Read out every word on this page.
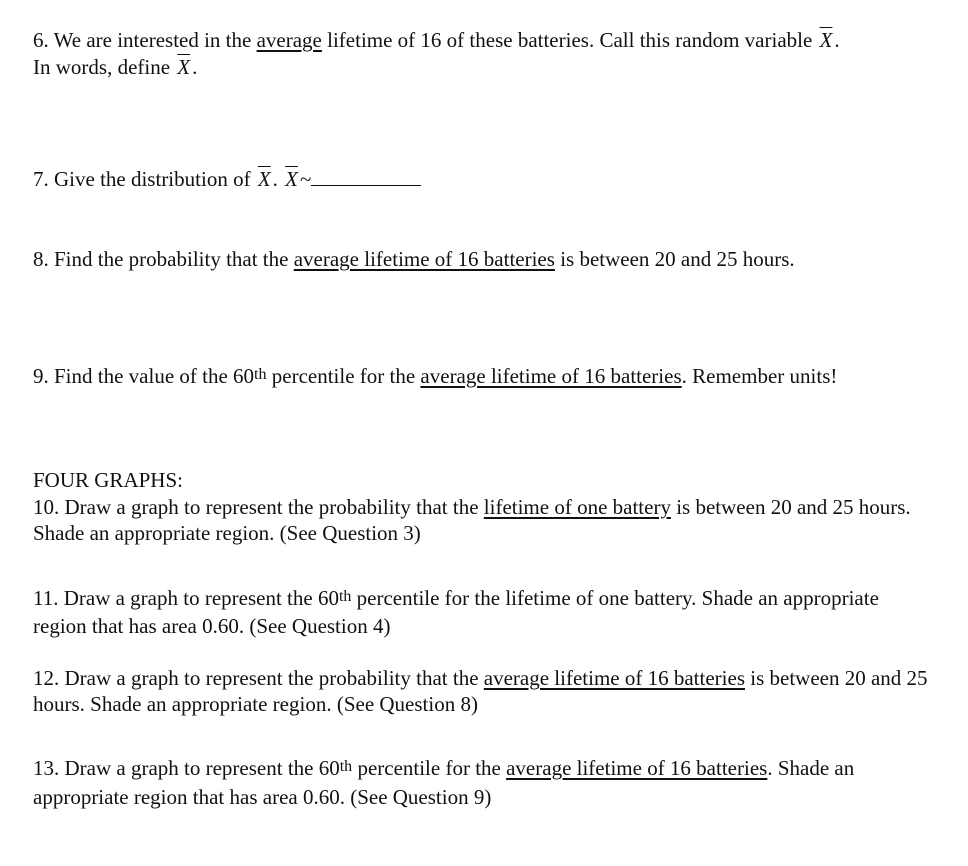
6. We are interested in the average lifetime of 16 of these batteries. Call this random variable $\overline{X}$.
In words, define $\overline{X}$.

7. Give the distribution of $\overline{X}$. $\overline{X}\sim$

8. Find the probability that the average lifetime of 16 batteries is between 20 and 25 hours.

9. Find the value of the 60th percentile for the average lifetime of 16 batteries. Remember units!

FOUR GRAPHS:

10. Draw a graph to represent the probability that the lifetime of one battery is between 20 and 25 hours. Shade an appropriate region. (See Question 3)

11. Draw a graph to represent the 60th percentile for the lifetime of one battery. Shade an appropriate region that has area 0.60. (See Question 4)

12. Draw a graph to represent the probability that the average lifetime of 16 batteries is between 20 and 25 hours. Shade an appropriate region. (See Question 8)

13. Draw a graph to represent the 60th percentile for the average lifetime of 16 batteries. Shade an appropriate region that has area 0.60. (See Question 9)
